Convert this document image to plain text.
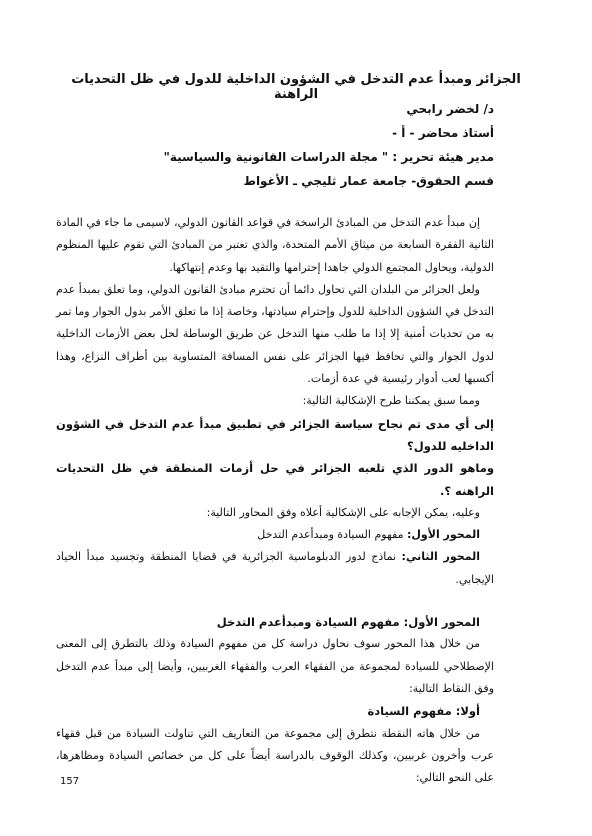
الجزائر ومبدأ عدم التدخل في الشؤون الداخلية للدول في ظل التحديات الراهنة
د/ لخضر رابحي
أستاذ محاضر - أ -
مدير هيئة تحرير : " مجلة الدراسات القانونية والسياسية"
قسم الحقوق- جامعة عمار ثليجي ـ الأغواط

إن مبدأ عدم التدخل من المبادئ الراسخة في قواعد القانون الدولي، لاسيمى ما جاء في المادة الثانية الفقرة السابعة من ميثاق الأمم المتحدة، والذي تعتبر من المبادئ التي تقوم عليها المنظوم الدولية، ويحاول المجتمع الدولي جاهدا إحترامها والتقيد بها وعدم إنتهاكها.

ولعل الجزائر من البلدان التي تحاول دائما أن تحترم مبادئ القانون الدولي، وما تعلق بمبدأ عدم التدخل في الشؤون الداخلية للدول وإحترام سيادتها، وخاصة إذا ما تعلق الأمر بدول الجوار وما تمر به من تحديات أمنية إلا إذا ما طلب منها التدخل عن طريق الوساطة لحل بعض الأزمات الداخلية لدول الجوار والتي تحافظ فيها الجزائر على نفس المسافة المتساوية بين أطراف النزاع، وهذا أكسبها لعب أدوار رئيسية في عدة أزمات.

ومما سبق يمكننا طرح الإشكالية التالية:

إلى أي مدى تم نجاح سياسة الجزائر في تطبيق مبدأ عدم التدخل في الشؤون الداخليه للدول؟

وماهو الدور الذي تلعبه الجزائر في حل أزمات المنطقة في ظل التحديات الراهنه ؟.

وعليه، يمكن الإجابه على الإشكالية أعلاه وفق المحاور التالية:

المحور الأول: مفهوم السيادة ومبدأعدم التدخل

المحور الثاني: نماذج لدور الدبلوماسية الجزائرية في قضايا المنطقة وتجسيد مبدأ الحياد الإيجابي.

المحور الأول: مفهوم السيادة ومبدأعدم التدخل

من خلال هذا المحور سوف نحاول دراسة كل من مفهوم السيادة وذلك بالتطرق إلى المعنى الإصطلاحي للسيادة لمجموعة من الفقهاء العرب والفقهاء الغربيين، وأيضا إلى مبدأ عدم التدخل وفق النقاط التالية:

أولا: مفهوم السيادة

من خلال هاته النقطة نتطرق إلى مجموعة من التعاريف التي تناولت السيادة من قبل فقهاء عرب وأخرون غربيين، وكذلك الوقوف بالدراسة أيضاً على كل من خصائص السيادة ومظاهرها، على النحو التالي:

157
